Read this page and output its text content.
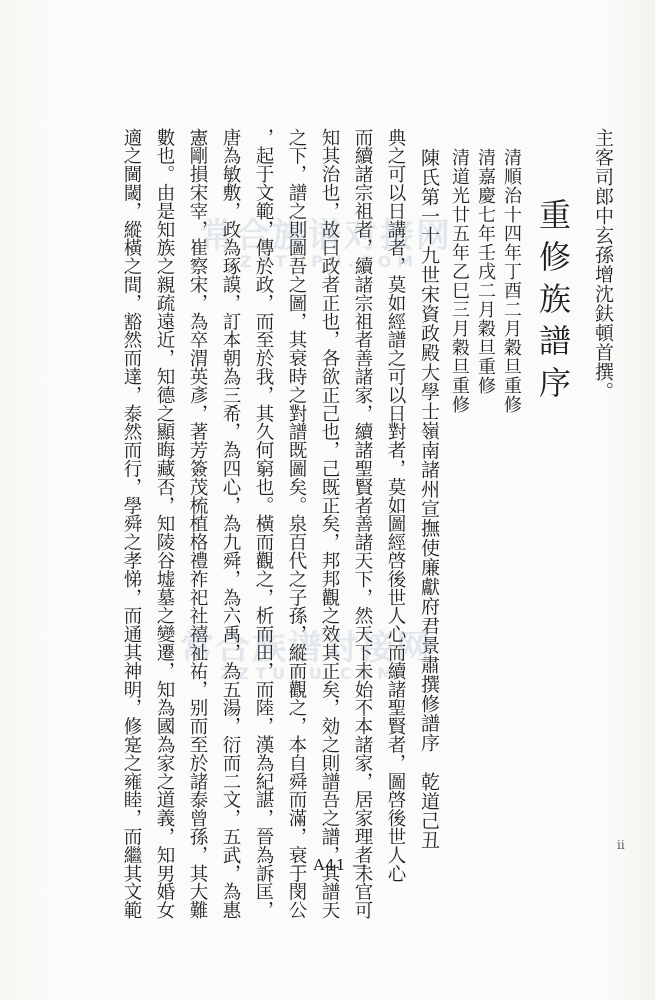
主客司郎中玄孫增沈鈇頓首撰。
重修族譜序
清順治十四年丁酉二月穀旦重修
清嘉慶七年壬戌二月穀旦重修
清道光廿五年乙巳三月穀旦重修
陳氏第一十九世宋資政殿大學士嶺南諸州宣撫使廉獻府君景肅撰修譜序　乾道己丑
典之可以日講者，莫如經譜之可以日對者，莫如圖經啓後世人心而續諸聖賢者，圖啓後世人心
而續諸宗祖者，續諸宗祖者善諸家，續諸聖賢者善諸天下，然天下未始不本諸家，居家理者未官可
知其治也，故曰政者正也，各欲正己也，己既正矣，邦邦觀之效其正矣，効之則譜吾之譜，其譜天
之下，譜之則圖吾之圖，其衰時之對譜既圖矣。泉百代之子孫，縱而觀之，本自舜而滿，衰于閔公
，起于文範，傳於政，而至於我，其久何窮也。橫而觀之，析而田，而陸，漢為紀諶，晉為訴匡，
唐為敏敷，政為琢謨，訂本朝為三希，為四心，為九舜，為六禹，為五湯，衍而二文，五武，為惠
憲剛損宋宰，崔察宋，為卒渭英彥，著芳簽茂梳植格禮祚祀社禧祉祐，别而至於諸泰曾孫，其大難
數也。由是知族之親疏遠近，知德之顯晦藏否，知陵谷墟墓之變遷，知為國為家之道義，知男婚女
適之閫閾，縱橫之間，豁然而達，泰然而行，學舜之孝悌，而通其神明，修寔之雍睦，而繼其文範	— A41 —
ⅱ
常合族谱对接网
ZZTUPU.COM
常合族谱对接网
ZZTUPU.COM
